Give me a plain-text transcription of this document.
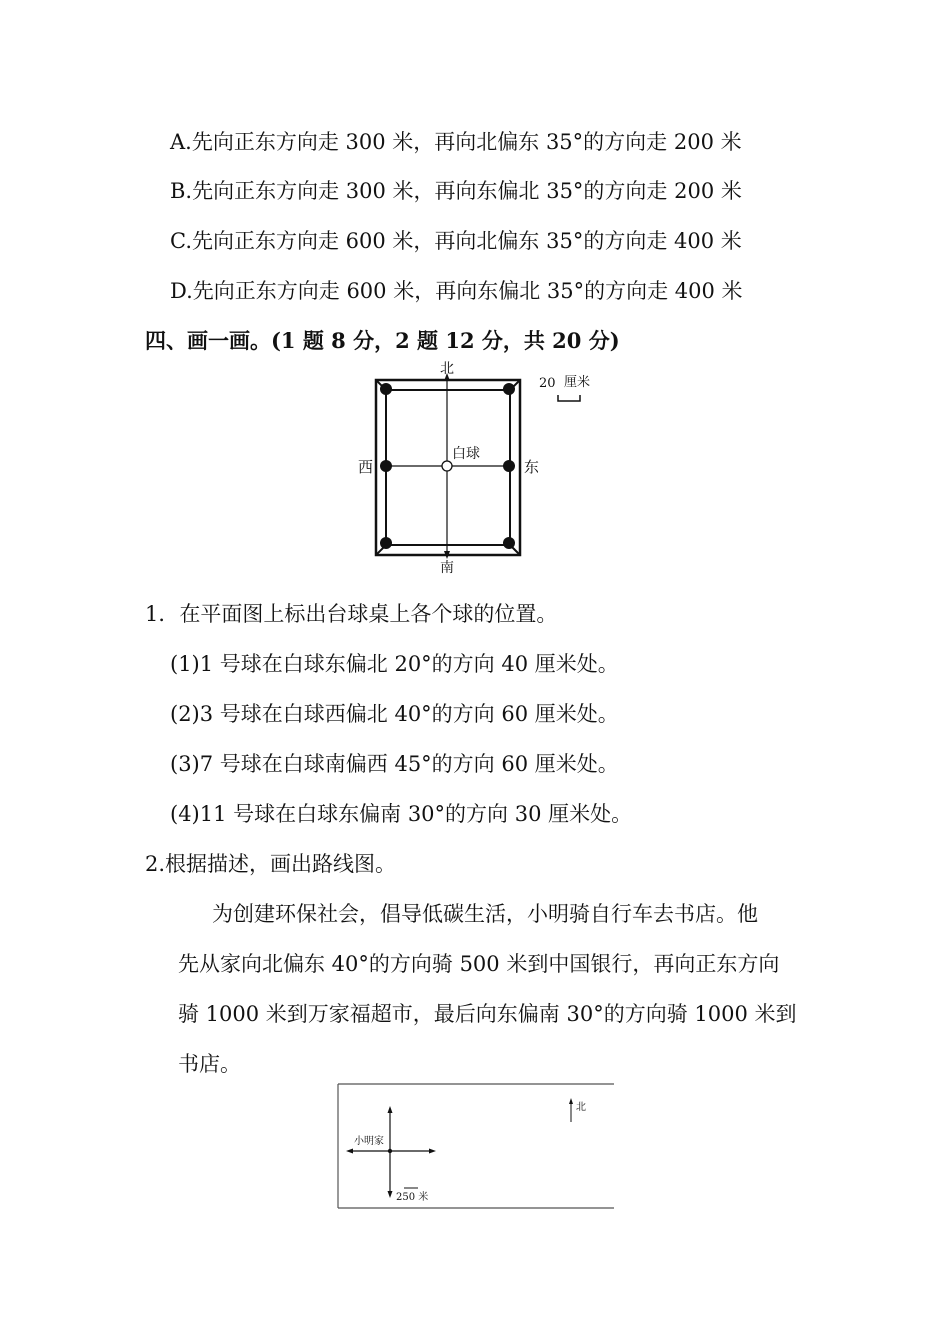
A.先向正东方向走 300 米，再向北偏东 35°的方向走 200 米
B.先向正东方向走 300 米，再向东偏北 35°的方向走 200 米
C.先向正东方向走 600 米，再向北偏东 35°的方向走 400 米
D.先向正东方向走 600 米，再向东偏北 35°的方向走 400 米
四、画一画。(1 题 8 分，2 题 12 分，共 20 分)
北
南
西	东
白球
20 厘米
1．在平面图上标出台球桌上各个球的位置。
(1)1 号球在白球东偏北 20°的方向 40 厘米处。
(2)3 号球在白球西偏北 40°的方向 60 厘米处。
(3)7 号球在白球南偏西 45°的方向 60 厘米处。
(4)11 号球在白球东偏南 30°的方向 30 厘米处。
2.根据描述，画出路线图。
为创建环保社会，倡导低碳生活，小明骑自行车去书店。他
先从家向北偏东 40°的方向骑 500 米到中国银行，再向正东方向
骑 1000 米到万家福超市，最后向东偏南 30°的方向骑 1000 米到
书店。
小明家
北
250 米
